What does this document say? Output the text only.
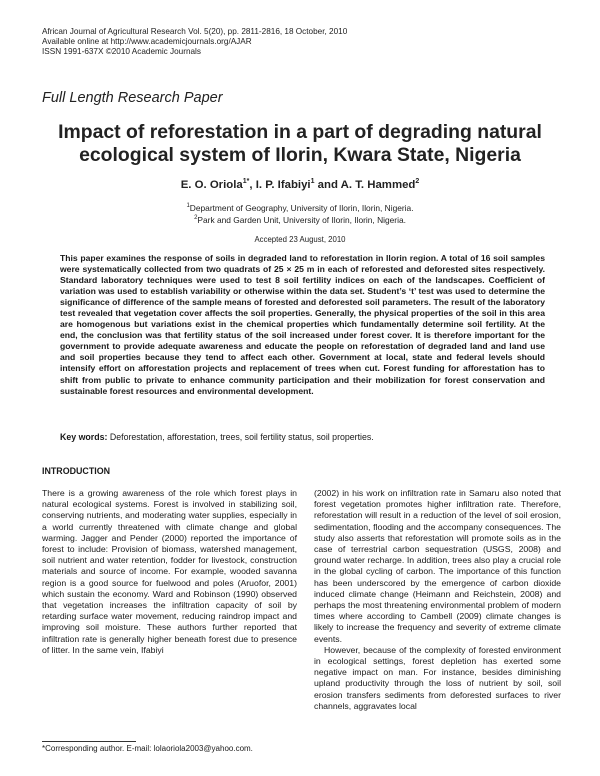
African Journal of Agricultural Research Vol. 5(20), pp. 2811-2816, 18 October, 2010
Available online at http://www.academicjournals.org/AJAR
ISSN 1991-637X ©2010 Academic Journals
Full Length Research Paper
Impact of reforestation in a part of degrading natural
ecological system of Ilorin, Kwara State, Nigeria
E. O. Oriola$^{1*}$, I. P. Ifabiyi$^1$ and A. T. Hammed$^2$
$^1$Department of Geography, University of Ilorin, Ilorin, Nigeria.
$^2$Park and Garden Unit, University of Ilorin, Ilorin, Nigeria.
Accepted 23 August, 2010
This paper examines the response of soils in degraded land to reforestation in Ilorin region. A total of 16 soil samples were systematically collected from two quadrats of 25 × 25 m in each of reforested and deforested sites respectively. Standard laboratory techniques were used to test 8 soil fertility indices on each of the landscapes. Coefficient of variation was used to establish variability or otherwise within the data set. Student’s ‘t’ test was used to determine the significance of difference of the sample means of forested and deforested soil parameters. The result of the laboratory test revealed that vegetation cover affects the soil properties. Generally, the physical properties of the soil in this area are homogenous but variations exist in the chemical properties which fundamentally determine soil fertility. At the end, the conclusion was that fertility status of the soil increased under forest cover. It is therefore important for the government to provide adequate awareness and educate the people on reforestation of degraded land and land use and soil properties because they tend to affect each other. Government at local, state and federal levels should intensify effort on afforestation projects and replacement of trees when cut. Forest funding for afforestation has to shift from public to private to enhance community participation and their mobilization for forest conservation and sustainable forest resources and environmental development.
Key words: Deforestation, afforestation, trees, soil fertility status, soil properties.
INTRODUCTION

There is a growing awareness of the role which forest plays in natural ecological systems. Forest is involved in stabilizing soil, conserving nutrients, and moderating water supplies, especially in a world currently threatened with climate change and global warming. Jagger and Pender (2000) reported the importance of forest to include: Provision of biomass, watershed management, soil nutrient and water retention, fodder for livestock, construction materials and source of income. For example, wooded savanna region is a good source for fuelwood and poles (Aruofor, 2001) which sustain the economy. Ward and Robinson (1990) observed that vegetation increases the infiltration capacity of soil by retarding surface water movement, reducing raindrop impact and improving soil moisture. These authors further reported that infiltration rate is generally higher beneath forest due to presence of litter. In the same vein, Ifabiyi

(2002) in his work on infiltration rate in Samaru also noted that forest vegetation promotes higher infiltration rate. Therefore, reforestation will result in a reduction of the level of soil erosion, sedimentation, flooding and the accompany consequences. The study also asserts that reforestation will promote soils as in the case of terrestrial carbon sequestration (USGS, 2008) and ground water recharge. In addition, trees also play a crucial role in the global cycling of carbon. The importance of this function has been underscored by the emergence of carbon dioxide induced climate change (Heimann and Reichstein, 2008) and perhaps the most threatening environmental problem of modern times where according to Cambell (2009) climate changes is likely to increase the frequency and severity of extreme climate events.

However, because of the complexity of forested environment in ecological settings, forest depletion has exerted some negative impact on man. For instance, besides diminishing upland productivity through the loss of nutrient by soil, soil erosion transfers sediments from deforested surfaces to river channels, aggravates local

*Corresponding author. E-mail: lolaoriola2003@yahoo.com.
